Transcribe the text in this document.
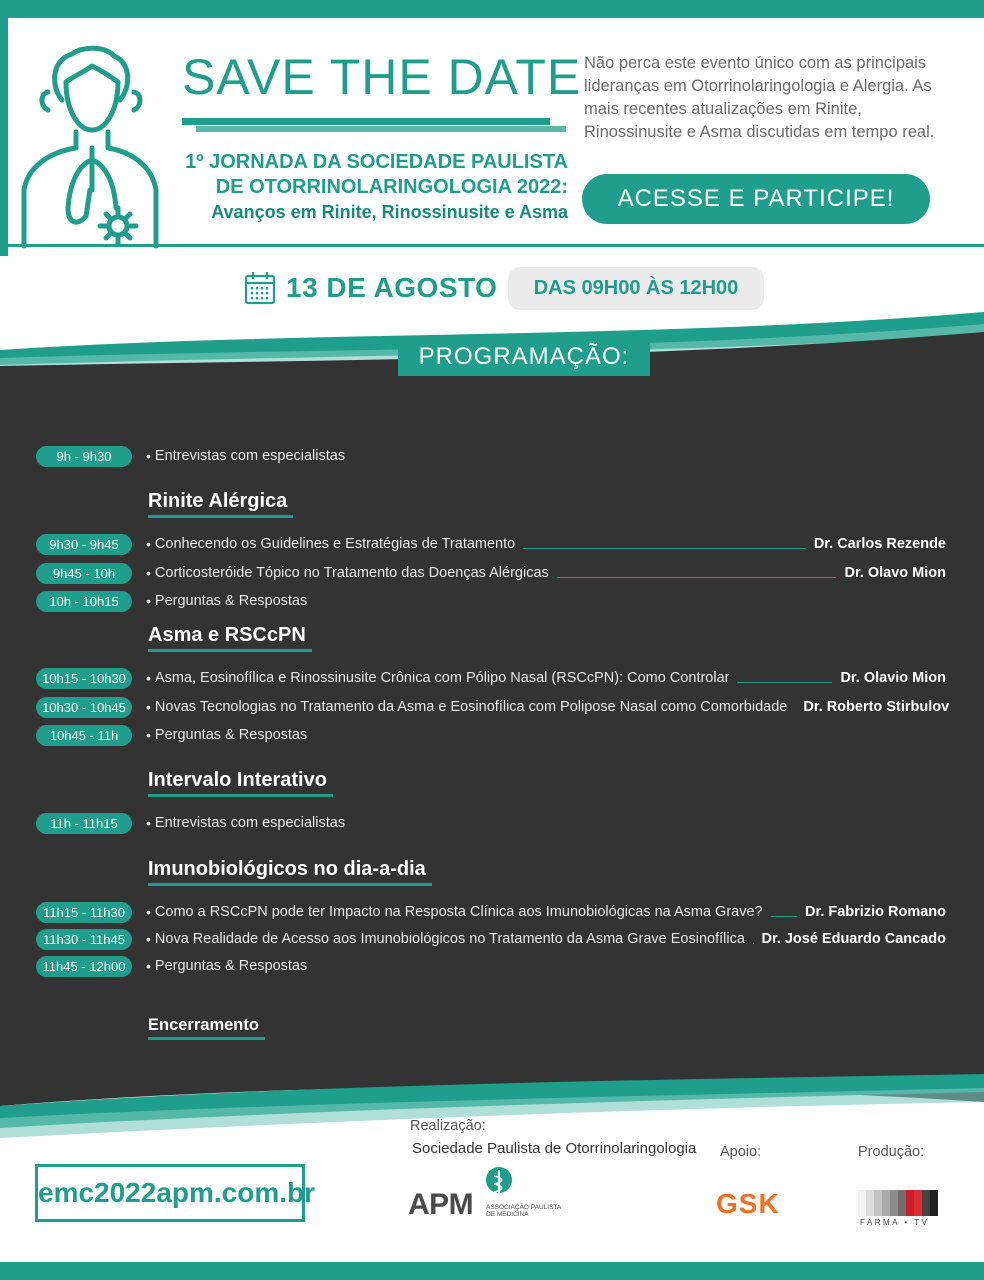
SAVE THE DATE
1º JORNADA DA SOCIEDADE PAULISTA
DE OTORRINOLARINGOLOGIA 2022:
Avanços em Rinite, Rinossinusite e Asma
Não perca este evento único com as principais lideranças em Otorrinolaringologia e Alergia. As mais recentes atualizações em Rinite, Rinossinusite e Asma discutidas em tempo real.
ACESSE E PARTICIPE!
13 DE AGOSTO	DAS 09H00 ÀS 12H00
PROGRAMAÇÃO:
9h - 9h30	• Entrevistas com especialistas
Rinite Alérgica
9h30 - 9h45	• Conhecendo os Guidelines e Estratégias de Tratamento	Dr. Carlos Rezende
9h45 - 10h	• Corticosteróide Tópico no Tratamento das Doenças Alérgicas	Dr. Olavo Mion
10h - 10h15	• Perguntas & Respostas
Asma e RSCcPN
10h15 - 10h30	• Asma, Eosinofílica e Rinossinusite Crônica com Pólipo Nasal (RSCcPN): Como Controlar	Dr. Olavio Mion
10h30 - 10h45	• Novas Tecnologias no Tratamento da Asma e Eosinofílica com Polipose Nasal como Comorbidade Dr. Roberto Stirbulov
10h45 - 11h	• Perguntas & Respostas
Intervalo Interativo
11h - 11h15	• Entrevistas com especialistas
Imunobiológicos no dia-a-dia
11h15 - 11h30	• Como a RSCcPN pode ter Impacto na Resposta Clínica aos Imunobiológicas na Asma Grave?	Dr. Fabrizio Romano
11h30 - 11h45	• Nova Realidade de Acesso aos Imunobiológicos no Tratamento da Asma Grave Eosinofílica Dr. José Eduardo Cancado
11h45 - 12h00	• Perguntas & Respostas
Encerramento
emc2022apm.com.br
Realização:
Sociedade Paulista de Otorrinolaringologia
APM ASSOCIAÇÃO PAULISTA DE MEDICINA
Apoio:
GSK
Produção:
FARMA • TV
